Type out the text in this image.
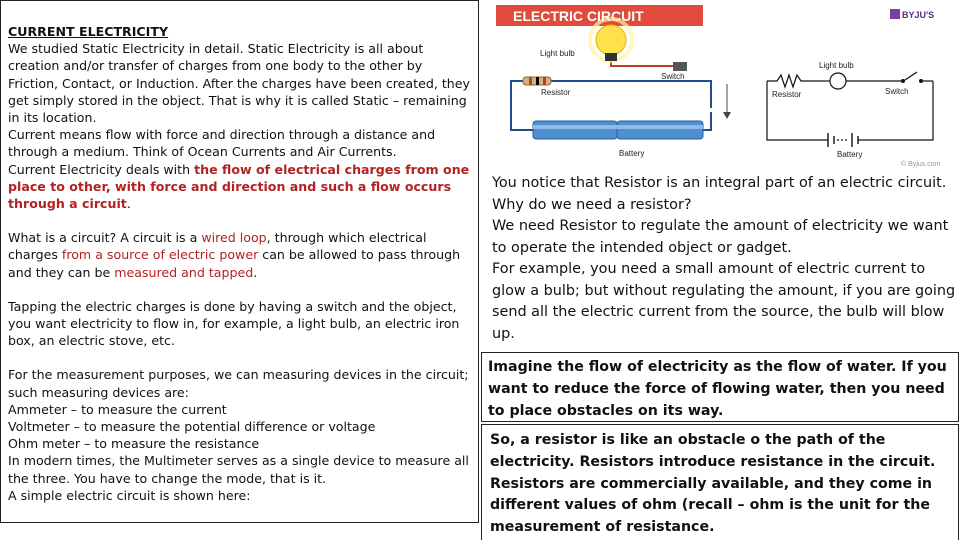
CURRENT ELECTRICITY

We studied Static Electricity in detail. Static Electricity is all about creation and/or transfer of charges from one body to the other by Friction, Contact, or Induction. After the charges have been created, they get simply stored in the object. That is why it is called Static – remaining in its location.

Current means flow with force and direction through a distance and through a medium. Think of Ocean Currents and Air Currents.

Current Electricity deals with the flow of electrical charges from one place to other, with force and direction and such a flow occurs through a circuit.

What is a circuit? A circuit is a wired loop, through which electrical charges from a source of electric power can be allowed to pass through and they can be measured and tapped.

Tapping the electric charges is done by having a switch and the object, you want electricity to flow in, for example, a light bulb, an electric iron box, an electric stove, etc.

For the measurement purposes, we can measuring devices in the circuit; such measuring devices are:

Ammeter – to measure the current

Voltmeter – to measure the potential difference or voltage

Ohm meter – to measure the resistance

In modern times, the Multimeter serves as a single device to measure all the three. You have to change the mode, that is it.

A simple electric circuit is shown here:

ELECTRIC CIRCUIT	BYJU'S
Light bulb
Switch
Resistor
Battery
Light bulb
Resistor	Switch
Battery
© Byjus.com

You notice that Resistor is an integral part of an electric circuit.

Why do we need a resistor?

We need Resistor to regulate the amount of electricity we want to operate the intended object or gadget.

For example, you need a small amount of electric current to glow a bulb; but without regulating the amount, if you are going send all the electric current from the source, the bulb will blow up.

Imagine the flow of electricity as the flow of water. If you want to reduce the force of flowing water, then you need to place obstacles on its way.
So, a resistor is like an obstacle o the path of the electricity. Resistors introduce resistance in the circuit. Resistors are commercially available, and they come in different values of ohm (recall – ohm is the unit for the measurement of resistance.
